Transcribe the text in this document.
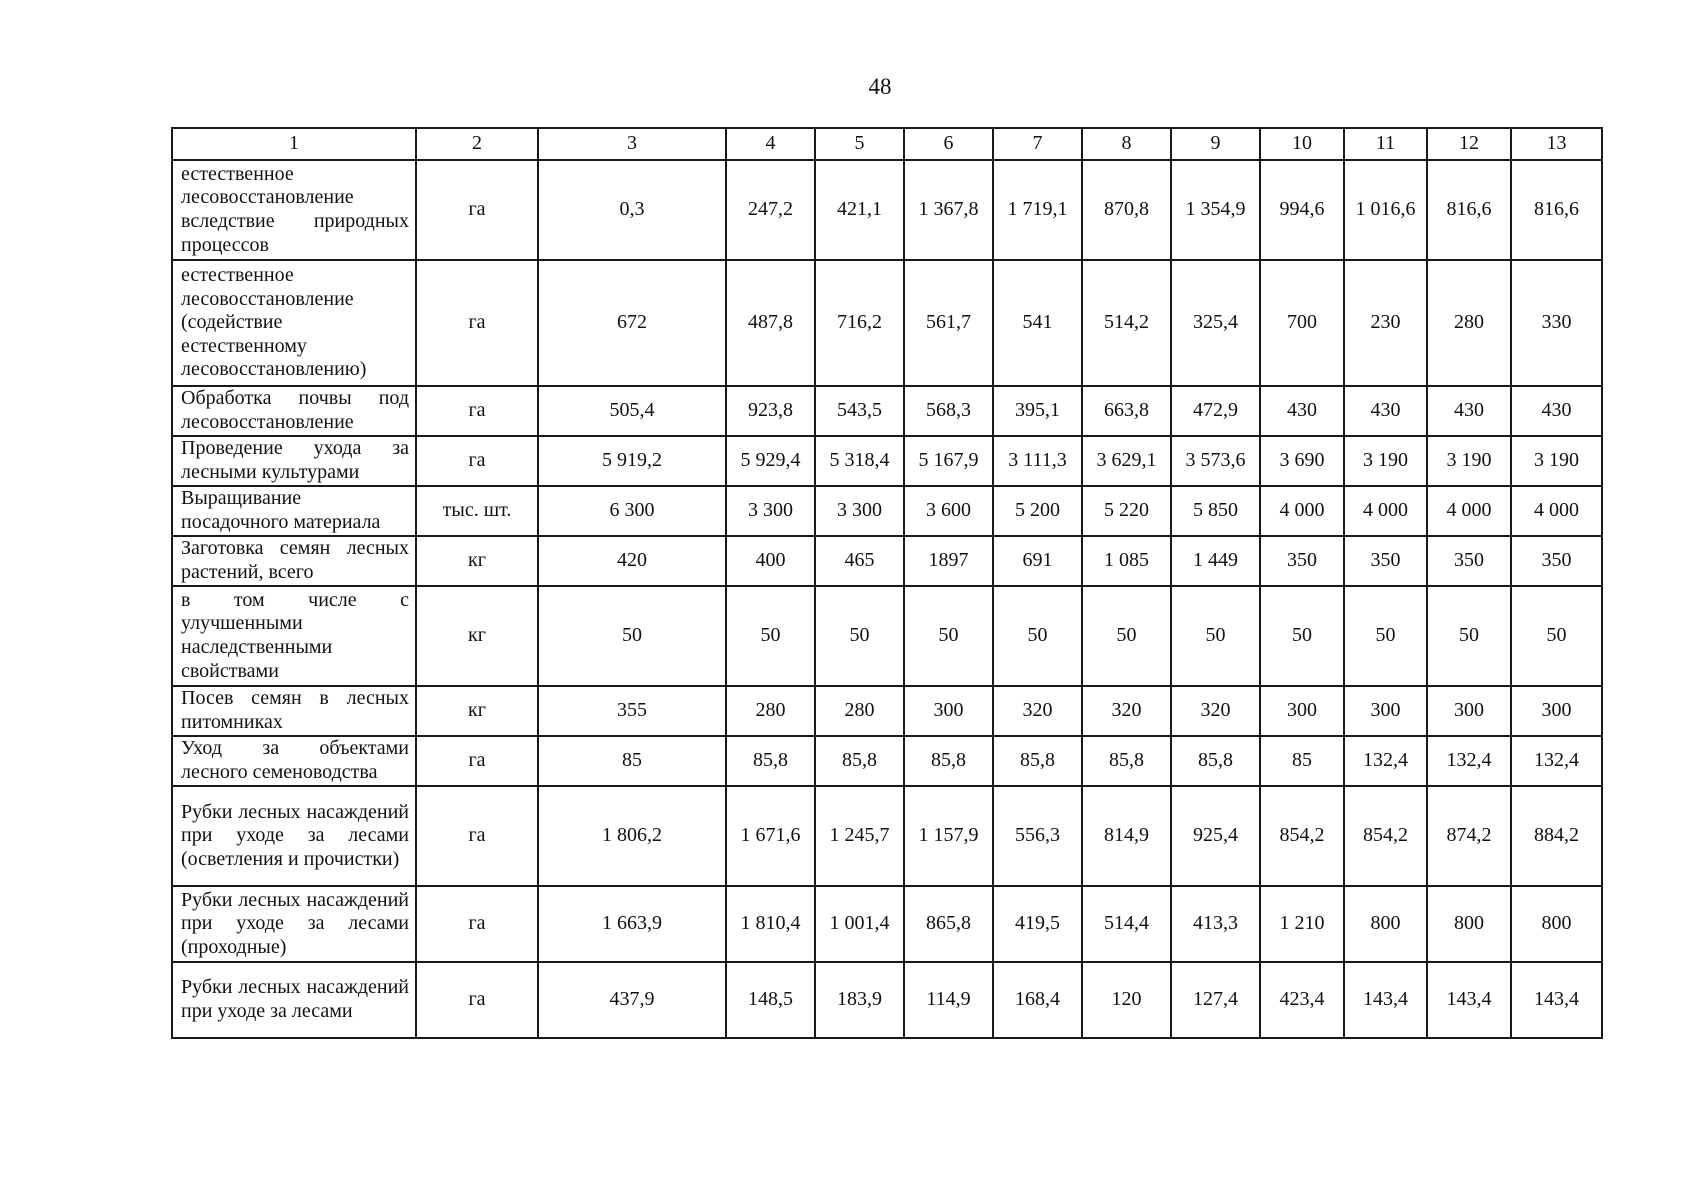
48
1	2	3	4	5	6	7	8	9	10	11	12	13
естественное лесовосстановление вследствие природных процессов	га	0,3	247,2	421,1	1 367,8	1 719,1	870,8	1 354,9	994,6	1 016,6	816,6	816,6
естественное лесовосстановление (содействие естественному лесовосстановлению)	га	672	487,8	716,2	561,7	541	514,2	325,4	700	230	280	330
Обработка почвы под лесовосстановление	га	505,4	923,8	543,5	568,3	395,1	663,8	472,9	430	430	430	430
Проведение ухода за лесными культурами	га	5 919,2	5 929,4	5 318,4	5 167,9	3 111,3	3 629,1	3 573,6	3 690	3 190	3 190	3 190
Выращивание посадочного материала	тыс. шт.	6 300	3 300	3 300	3 600	5 200	5 220	5 850	4 000	4 000	4 000	4 000
Заготовка семян лесных растений, всего	кг	420	400	465	1897	691	1 085	1 449	350	350	350	350
в том числе с улучшенными наследственными свойствами	кг	50	50	50	50	50	50	50	50	50	50	50
Посев семян в лесных питомниках	кг	355	280	280	300	320	320	320	300	300	300	300
Уход за объектами лесного семеноводства	га	85	85,8	85,8	85,8	85,8	85,8	85,8	85	132,4	132,4	132,4
Рубки лесных насаждений при уходе за лесами (осветления и прочистки)	га	1 806,2	1 671,6	1 245,7	1 157,9	556,3	814,9	925,4	854,2	854,2	874,2	884,2
Рубки лесных насаждений при уходе за лесами (проходные)	га	1 663,9	1 810,4	1 001,4	865,8	419,5	514,4	413,3	1 210	800	800	800
Рубки лесных насаждений при уходе за лесами	га	437,9	148,5	183,9	114,9	168,4	120	127,4	423,4	143,4	143,4	143,4
